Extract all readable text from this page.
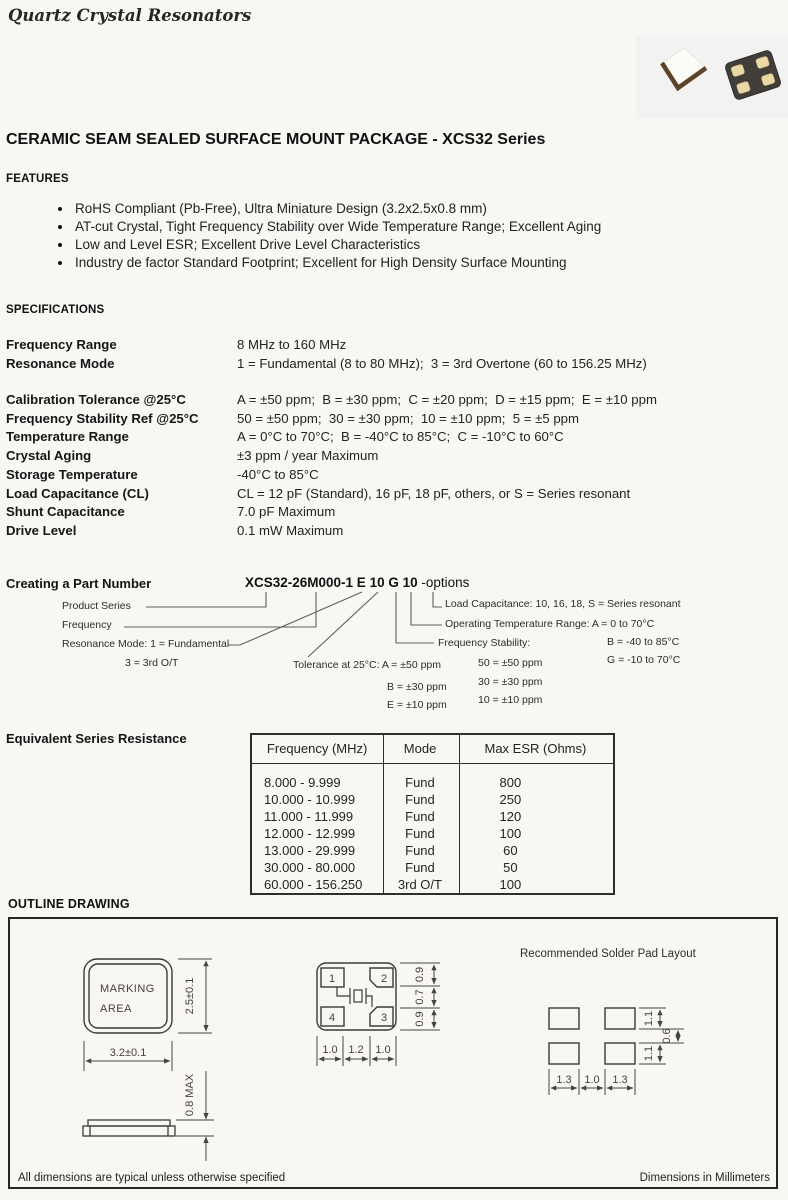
Quartz Crystal Resonators
CERAMIC SEAM SEALED SURFACE MOUNT PACKAGE - XCS32 Series
FEATURES
RoHS Compliant (Pb-Free), Ultra Miniature Design (3.2x2.5x0.8 mm)
AT-cut Crystal, Tight Frequency Stability over Wide Temperature Range; Excellent Aging
Low and Level ESR; Excellent Drive Level Characteristics
Industry de factor Standard Footprint; Excellent for High Density Surface Mounting
SPECIFICATIONS
Frequency Range	8 MHz to 160 MHz
Resonance Mode	1 = Fundamental (8 to 80 MHz);  3 = 3rd Overtone (60 to 156.25 MHz)
Calibration Tolerance @25°C	A = ±50 ppm;  B = ±30 ppm;  C = ±20 ppm;  D = ±15 ppm;  E = ±10 ppm
Frequency Stability Ref @25°C	50 = ±50 ppm;  30 = ±30 ppm;  10 = ±10 ppm;  5 = ±5 ppm
Temperature Range	A = 0°C to 70°C;  B = -40°C to 85°C;  C = -10°C to 60°C
Crystal Aging	±3 ppm / year Maximum
Storage Temperature	-40°C to 85°C
Load Capacitance (CL)	CL = 12 pF (Standard), 16 pF, 18 pF, others, or S = Series resonant
Shunt Capacitance	7.0 pF Maximum
Drive Level	0.1 mW Maximum
Creating a Part Number	XCS32-26M000-1 E 10 G 10 -options
Product Series
Frequency
Resonance Mode: 1 = Fundamental
3 = 3rd O/T	Tolerance at 25°C: A = ±50 ppm
B = ±30 ppm
E = ±10 ppm
Frequency Stability:
50 = ±50 ppm
30 = ±30 ppm
10 = ±10 ppm
Load Capacitance: 10, 16, 18, S = Series resonant
Operating Temperature Range: A = 0 to 70°C
B = -40 to 85°C
G = -10 to 70°C
Equivalent Series Resistance
Frequency (MHz)	Mode	Max ESR (Ohms)
8.000 - 9.999	Fund	800
10.000 - 10.999	Fund	250
11.000 - 11.999	Fund	120
12.000 - 12.999	Fund	100
13.000 - 29.999	Fund	60
30.000 - 80.000	Fund	50
60.000 - 156.250	3rd O/T	100
OUTLINE DRAWING
MARKING
AREA	2.5±0.1
3.2±0.1
0.8 MAX
1	2
4	3
0.9
0.7
0.9
1.0 1.2 1.0
Recommended Solder Pad Layout
1.1
0.6
1.1
1.3 1.0 1.3
All dimensions are typical unless otherwise specified	Dimensions in Millimeters
